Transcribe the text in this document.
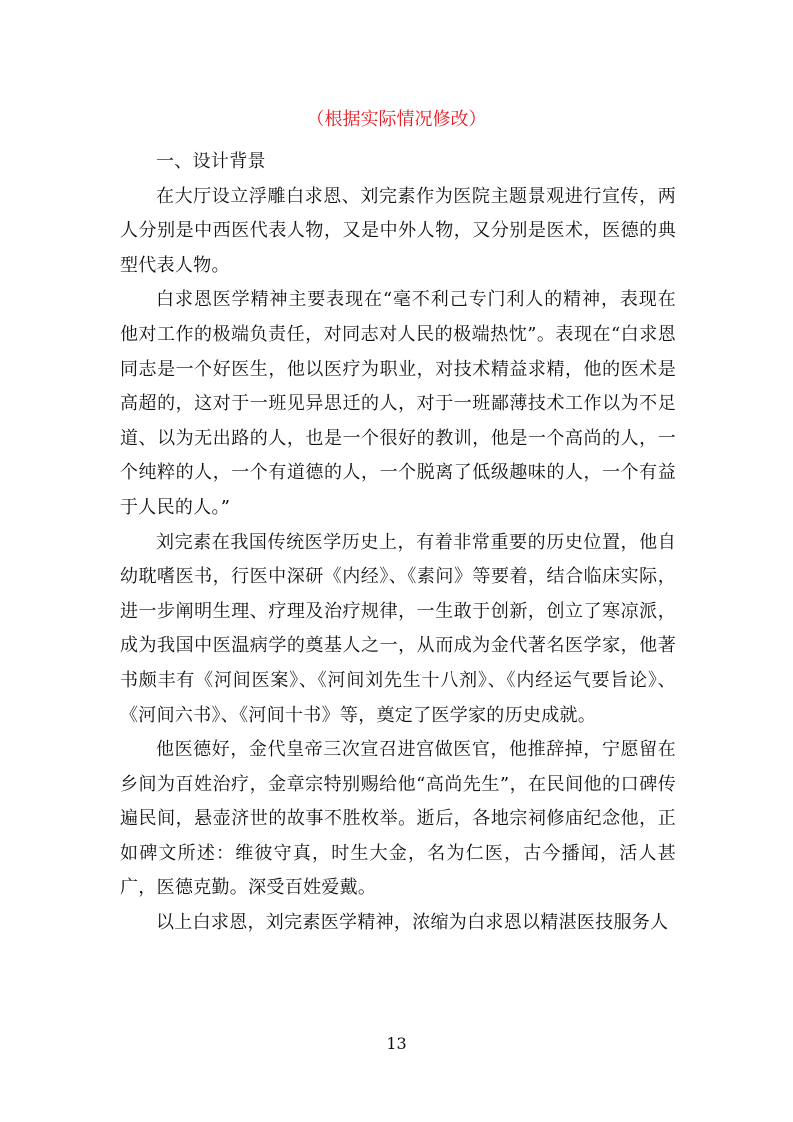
（根据实际情况修改）

一、设计背景

在大厅设立浮雕白求恩、刘完素作为医院主题景观进行宣传，两人分别是中西医代表人物，又是中外人物，又分别是医术，医德的典型代表人物。

白求恩医学精神主要表现在“毫不利己专门利人的精神，表现在他对工作的极端负责任，对同志对人民的极端热忱”。表现在“白求恩同志是一个好医生，他以医疗为职业，对技术精益求精，他的医术是高超的，这对于一班见异思迁的人，对于一班鄙薄技术工作以为不足道、以为无出路的人，也是一个很好的教训，他是一个高尚的人，一个纯粹的人，一个有道德的人，一个脱离了低级趣味的人，一个有益于人民的人。”

刘完素在我国传统医学历史上，有着非常重要的历史位置，他自幼耽嗜医书，行医中深研《内经》、《素问》等要着，结合临床实际，进一步阐明生理、疗理及治疗规律，一生敢于创新，创立了寒凉派，成为我国中医温病学的奠基人之一，从而成为金代著名医学家，他著书颇丰有《河间医案》、《河间刘先生十八剂》、《内经运气要旨论》、《河间六书》、《河间十书》等，奠定了医学家的历史成就。

他医德好，金代皇帝三次宣召进宫做医官，他推辞掉，宁愿留在乡间为百姓治疗，金章宗特别赐给他“高尚先生”，在民间他的口碑传遍民间，悬壶济世的故事不胜枚举。逝后，各地宗祠修庙纪念他，正如碑文所述：维彼守真，时生大金，名为仁医，古今播闻，活人甚广，医德克勤。深受百姓爱戴。

以上白求恩，刘完素医学精神，浓缩为白求恩以精湛医技服务人

13
